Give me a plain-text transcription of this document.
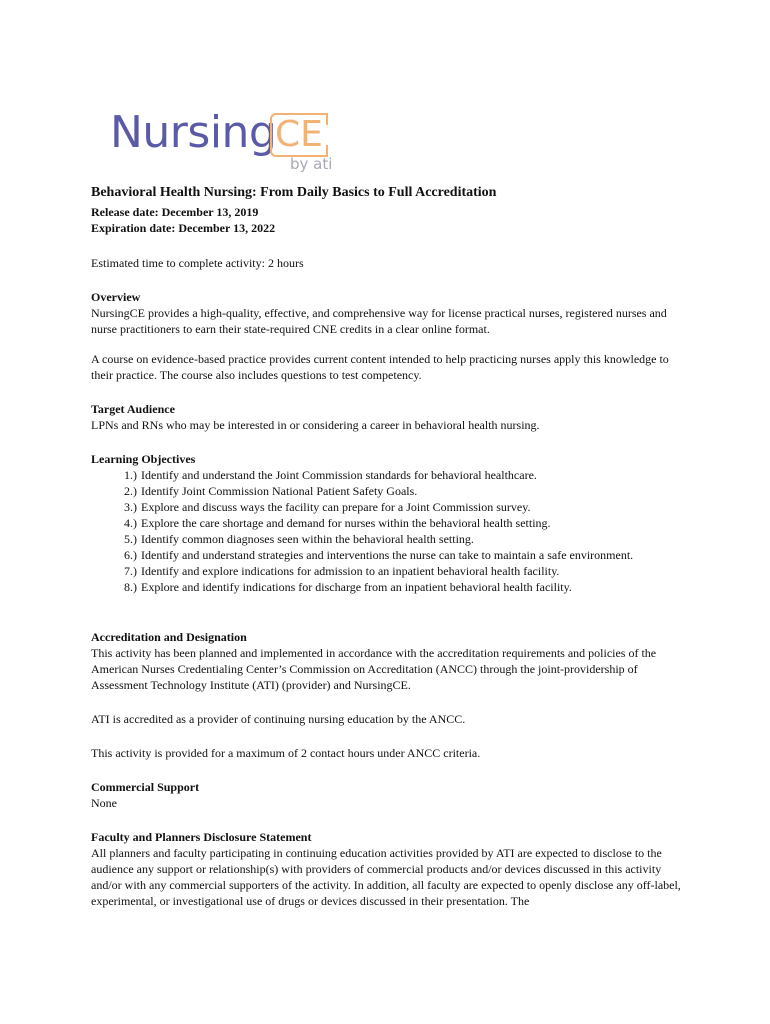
Nursing
CE
by ati

Behavioral Health Nursing: From Daily Basics to Full Accreditation

Release date: December 13, 2019

Expiration date: December 13, 2022

Estimated time to complete activity: 2 hours

Overview

NursingCE provides a high-quality, effective, and comprehensive way for license practical nurses, registered nurses and nurse practitioners to earn their state-required CNE credits in a clear online format.

A course on evidence-based practice provides current content intended to help practicing nurses apply this knowledge to their practice. The course also includes questions to test competency.

Target Audience

LPNs and RNs who may be interested in or considering a career in behavioral health nursing.

Learning Objectives

1.) Identify and understand the Joint Commission standards for behavioral healthcare.
2.) Identify Joint Commission National Patient Safety Goals.
3.) Explore and discuss ways the facility can prepare for a Joint Commission survey.
4.) Explore the care shortage and demand for nurses within the behavioral health setting.
5.) Identify common diagnoses seen within the behavioral health setting.
6.) Identify and understand strategies and interventions the nurse can take to maintain a safe environment.
7.) Identify and explore indications for admission to an inpatient behavioral health facility.
8.) Explore and identify indications for discharge from an inpatient behavioral health facility.

Accreditation and Designation

This activity has been planned and implemented in accordance with the accreditation requirements and policies of the American Nurses Credentialing Center’s Commission on Accreditation (ANCC) through the joint-providership of Assessment Technology Institute (ATI) (provider) and NursingCE.

ATI is accredited as a provider of continuing nursing education by the ANCC.

This activity is provided for a maximum of 2 contact hours under ANCC criteria.

Commercial Support

None

Faculty and Planners Disclosure Statement

All planners and faculty participating in continuing education activities provided by ATI are expected to disclose to the audience any support or relationship(s) with providers of commercial products and/or devices discussed in this activity and/or with any commercial supporters of the activity. In addition, all faculty are expected to openly disclose any off-label, experimental, or investigational use of drugs or devices discussed in their presentation. The
